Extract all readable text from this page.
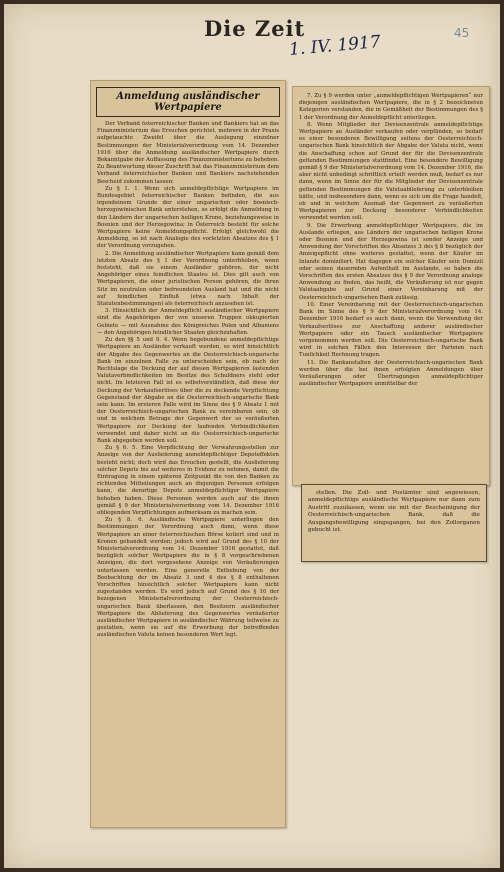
Die Zeit
1. IV. 1917	45
Anmeldung ausländischer Wertpapiere

Der Verband österreichischer Banken und Bankiers hat an das Finanzministerium das Ersuchen gerichtet, mehrere in der Praxis aufgetauchte Zweifel über die Auslegung einzelner Bestimmungen der Ministerialverordnung vom 14. Dezember 1916 über die Anmeldung ausländischer Wertpapiere durch Bekanntgabe der Auffassung des Finanzministeriums zu beheben. Zu Beantwortung dieser Zuschrift hat das Finanzministerium dem Verband österreichischer Banken und Bankiers nachstehenden Bescheid zukommen lassen:

Zu § 1. 1. Wenn sich anmeldepflichtige Wertpapiere im Bundesgebiet österreichischer Banken befinden, die aus irgendeinem Grunde der einer ungarischen oder bosnisch-herzegowinischen Bank unterstehen, so erfolgt die Anmeldung in den Ländern der ungarischen heiligen Krone, beziehungsweise in Bosnien und der Herzegowina; in Österreich besteht für solche Wertpapiere keine Anmeldungspflicht. Erfolgt gleichwohl die Anmeldung, so ist nach Analogie des vorletzten Absatzes des § 1 der Verordnung vorzugehen.

2. Die Anmeldung ausländischer Wertpapiere kann gemäß dem letzten Absatz des § 1 der Verordnung unterbleiben, wenn feststeht, daß sie einem Ausländer gehören, der nicht Angehöriger eines feindlichen Staates ist. Dies gilt auch von Wertpapieren, die einer juristischen Person gehören, die ihren Sitz im neutralen oder befreundeten Ausland hat und die nicht auf feindlichen Einfluß (etwa nach Inhalt der Statutenbestimmungen) als österreichisch anzusehen ist.

3. Hinsichtlich der Anmeldepflicht ausländischer Wertpapiere sind die Angehörigen der von unseren Truppen okkupierten Gebiete — mit Ausnahme des Königreiches Polen und Albaniens — den Angehörigen feindlicher Staaten gleichzuhalten.

Zu den §§ 5 und 9. 4. Wenn begebundene anmeldepflichtige Wertpapiere an Ausländer verkauft werden, so wird hinsichtlich der Abgabe des Gegenwertes an die Oesterreichisch-ungarische Bank im einzelnen Falle zu unterscheiden sein, ob nach der Rechtslage die Deckung der auf diesen Wertpapieren lastenden Valutaverbindlichkeiten im Besitze des Schuldners steht oder nicht. Im letzteren Fall ist es selbstverständlich, daß diese der Deckung der Verkaufserlöses über die zu deckende Verpflichtung Gegenstand der Abgabe an die Oesterreichisch-ungarische Bank sein kann. Im ersteren Falle wird im Sinne des § 9 Absatz 1 mit der Oesterreichisch-ungarischen Bank zu vereinbaren sein, ob und in welchem Betrage der Gegenwert der so veräußerten Wertpapiere zur Deckung der laufenden Verbindlichkeiten verwendet und daher nicht an die Oesterreichisch-ungarische Bank abgegeben werden soll.

Zu § 6. 5. Eine Verpflichtung der Verwahrungsstellen zur Anzeige von der Auslieferung anmeldepflichtiger Depoteffekten besteht nicht; doch wird das Ersuchen gestellt, die Auslieferung solcher Depots bis auf weiteres in Evidenz zu nehmen, damit die Eintragung in einem späteren Zeitpunkt die von den Banken zu richtenden Mitteilungen auch an diejenigen Personen erfolgen kann, die derartige Depots anmeldepflichtiger Wertpapiere behoben haben. Diese Personen werden auch auf die ihnen gemäß § 9 der Ministerialverordnung vom 14. Dezember 1916 obliegenden Verpflichtungen aufmerksam zu machen sein.

Zu § 8. 6. Ausländische Wertpapiere unterliegen den Bestimmungen der Verordnung auch dann, wenn diese Wertpapiere an einer österreichischen Börse kotiert sind und in Kronen gehandelt werden; jedoch wird auf Grund des § 10 der Ministerialverordnung vom 14. Dezember 1916 gestattet, daß bezüglich solcher Wertpapiere die in § 8 vorgeschriebenen Anzeigen, die dort vorgesehene Anzeige von Veräußerungen unterlassen werden. Eine generelle Enthebung von der Beobachtung der im Absatz 3 und 4 des § 8 enthaltenen Vorschriften hinsichtlich solcher Wertpapiere kann nicht zugestanden werden. Es wird jedoch auf Grund des § 10 der bezogenen Ministerialverordnung der Oesterreichisch-ungarischen Bank überlassen, den Besitzern ausländischer Wertpapiere die Ablieferung des Gegenwertes veräußerter ausländischer Wertpapiere in ausländischer Währung teilweise zu gestatten, wenn sie auf die Erwerbung der betreffenden ausländischen Valuta keinen besonderen Wert legt.

7. Zu § 9 werden unter „anmeldepflichtigen Wertpapieren“ nur diejenigen ausländischen Wertpapiere, die in § 2 bezeichneten Kategorien verstanden, die in Gemäßheit der Bestimmungen des § 1 der Verordnung der Anmeldepflicht unterliegen.

8. Wenn Mitglieder der Devisenzentrale anmeldepflichtige Wertpapiere an Ausländer verkaufen oder verpfänden, so bedarf es einer besonderen Bewilligung seitens der Oesterreichisch-ungarischen Bank hinsichtlich der Abgabe der Valuta nicht, wenn die Anschaffung schon auf Grund der für die Devisenzentrale geltenden Bestimmungen stattfindet. Eine besondere Bewilligung gemäß § 9 der Ministerialverordnung vom 14. Dezember 1916, die aber nicht unbedingt schriftlich erteilt werden muß, bedarf es nur dann, wenn im Sinne der für die Mitglieder der Devisenzentrale geltenden Bestimmungen die Valutaablieferung zu unterbleiben hätte, und insbesondere dann, wenn es sich um die Frage handelt, ob und in welchem Ausmaß der Gegenwert zu veräußerten Wertpapieren zur Deckung besonderer Verbindlichkeiten verwendet werden soll.

9. Die Erwerbung anmeldepflichtiger Wertpapiere, die im Auslande erliegen, aus Ländern der ungarischen heiligen Krone oder Bosnien und der Herzegowina ist sonder Anzeige und Anwendung der Vorschriften des Absatzes 3 des § 8 bezüglich der Anzeigepflicht ohne weiteres gestattet, wenn der Käufer im Inlande domiziliert. Hat dagegen ein solcher Käufer sein Domizil oder seinen dauernden Aufenthalt im Auslande, so haben die Vorschriften des ersten Absatzes des § 9 der Verordnung analoge Anwendung zu finden, das heißt, die Veräußerung ist nur gegen Valutaabgabe auf Grund einer Vereinbarung mit der Oesterreichisch-ungarischen Bank zulässig.

10. Einer Vereinbarung mit der Oesterreichisch-ungarischen Bank im Sinne des § 9 der Ministerialverordnung vom 14. Dezember 1916 bedarf es auch dann, wenn die Verwendung der Verkaufserlöses zur Anschaffung anderer ausländischer Wertpapiere oder ein Tausch ausländischer Wertpapiere vorgenommen werden soll. Die Oesterreichisch-ungarische Bank wird in solchen Fällen den Interessen der Parteien nach Tunlichkeit Rechnung tragen.

11. Die Bankanstalten der Oesterreichisch-ungarischen Bank werden über die bei ihnen erfolgten Anmeldungen über Veräußerungen oder Übertragungen anmeldepflichtiger ausländischer Wertpapiere unmittelbar der

stellen. Die Zoll- und Postämter sind angewiesen, anmeldepflichtige ausländische Wertpapiere nur dann zum Austritt zuzulassen, wenn sie mit der Bescheinigung der Oesterreichisch-ungarischen Bank, daß die Ausgangsbewilligung eingegangen, bei den Zollorganen gebucht ist.
